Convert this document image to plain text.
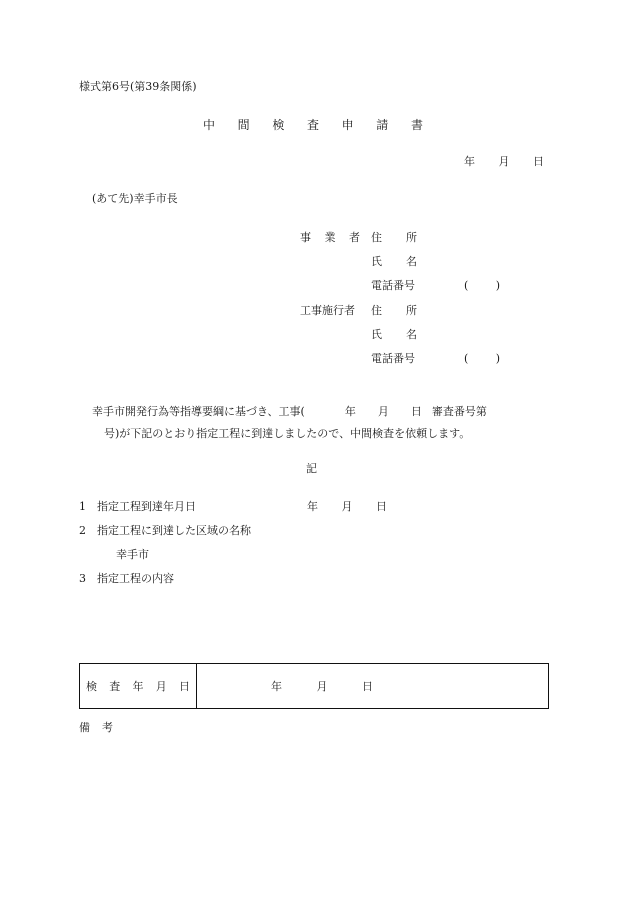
様式第6号(第39条関係)
中 間 検 査 申 請 書
年 月 日
(あて先)幸手市長
事 業 者 住 所
氏 名
電話番号	( )
工事施行者	住 所
氏 名
電話番号	( )
幸手市開発行為等指導要綱に基づき、工事(	年 月 日 審査番号第
号)が下記のとおり指定工程に到達しましたので、中間検査を依頼します。
記
1 指定工程到達年月日	年 月 日
2 指定工程に到達した区域の名称
幸手市
3 指定工程の内容
検 査 年 月 日	年	月	日
備 考
